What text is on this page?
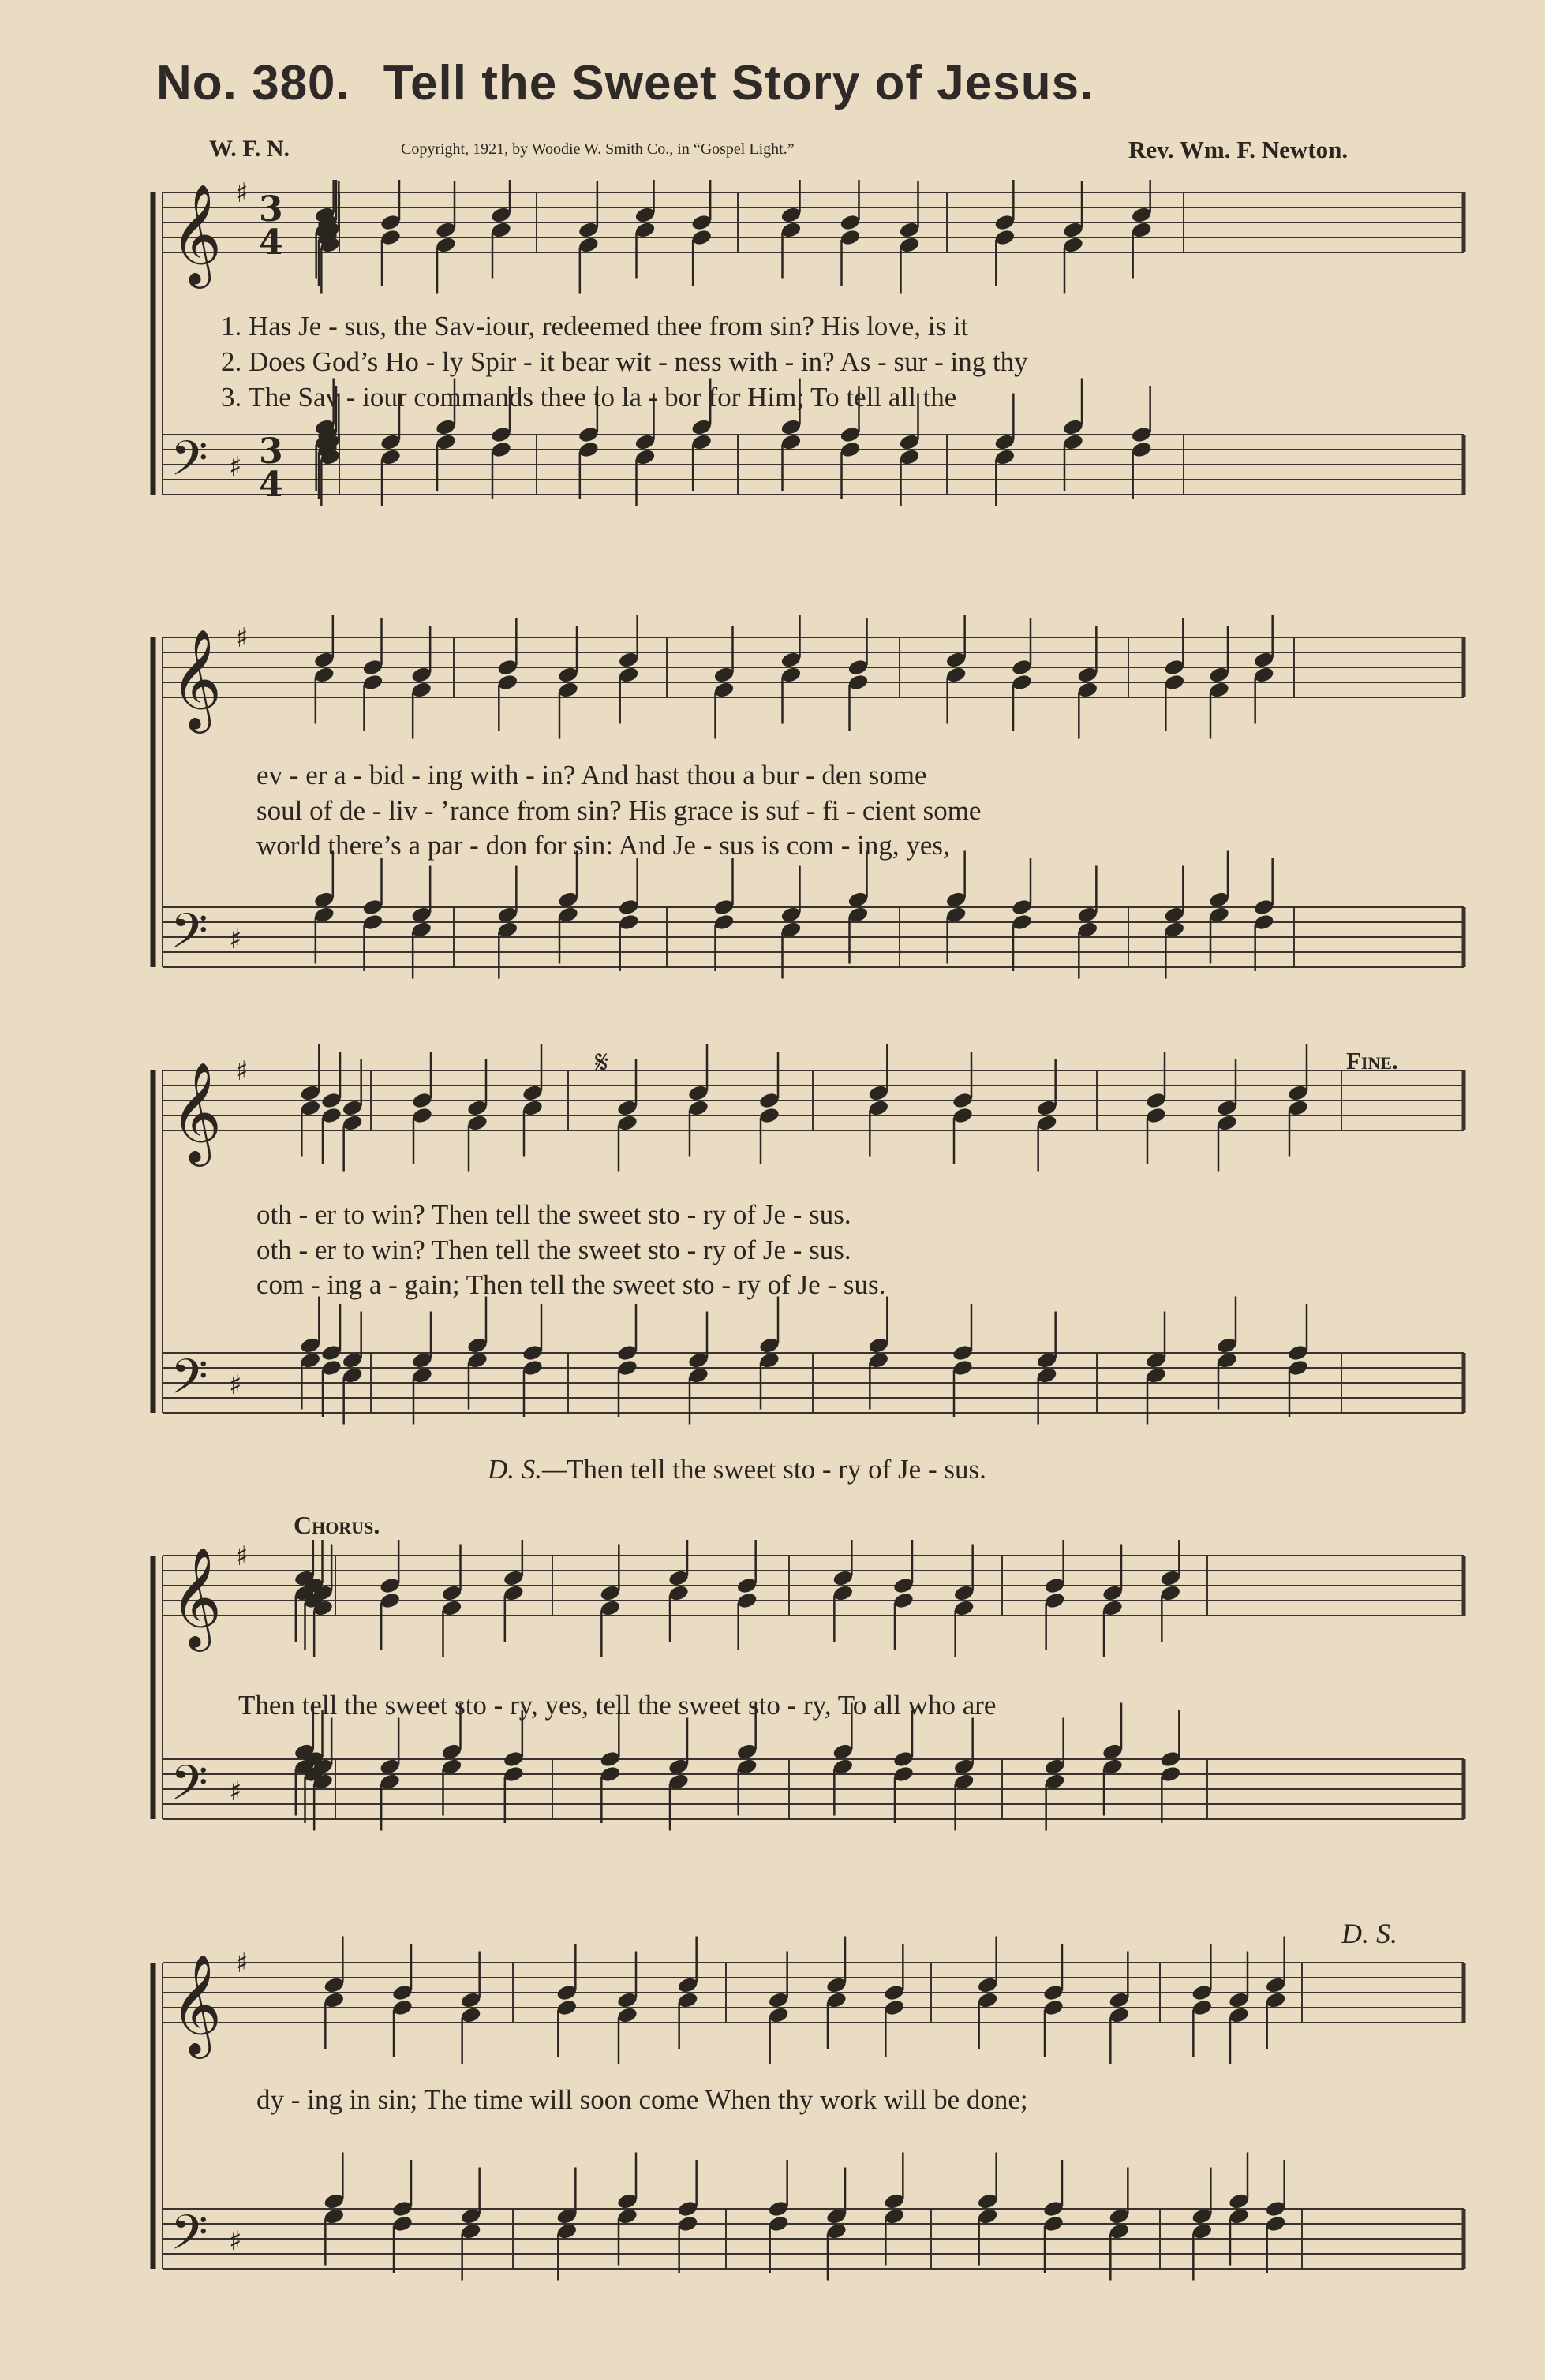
No. 380. Tell the Sweet Story of Jesus.
W. F. N.	Copyright, 1921, by Woodie W. Smith Co., in “Gospel Light.”	Rev. Wm. F. Newton.
𝄞 ♯ 3
4
𝄢 ♯ 3
4
1. Has Je - sus, the Sav-iour, redeemed thee from sin? His love, is it
2. Does God’s Ho - ly Spir - it bear wit - ness with - in? As - sur - ing thy
3. The Sav - iour commands thee to la - bor for Him; To tell all the
𝄞 ♯
𝄢 ♯
ev - er a - bid - ing with - in? And hast thou a bur - den some
soul of de - liv - ’rance from sin? His grace is suf - fi - cient some
world there’s a par - don for sin: And Je - sus is com - ing, yes,
𝄞 ♯
𝄢 ♯
𝄋	Fine.
oth - er to win? Then tell the sweet sto - ry of Je - sus.
oth - er to win? Then tell the sweet sto - ry of Je - sus.
com - ing a - gain; Then tell the sweet sto - ry of Je - sus.
D. S.—Then tell the sweet sto - ry of Je - sus.
Chorus.
𝄞 ♯
𝄢 ♯
Then tell the sweet sto - ry, yes, tell the sweet sto - ry, To all who are
𝄞 ♯
𝄢 ♯
D. S.
dy - ing in sin; The time will soon come When thy work will be done;
